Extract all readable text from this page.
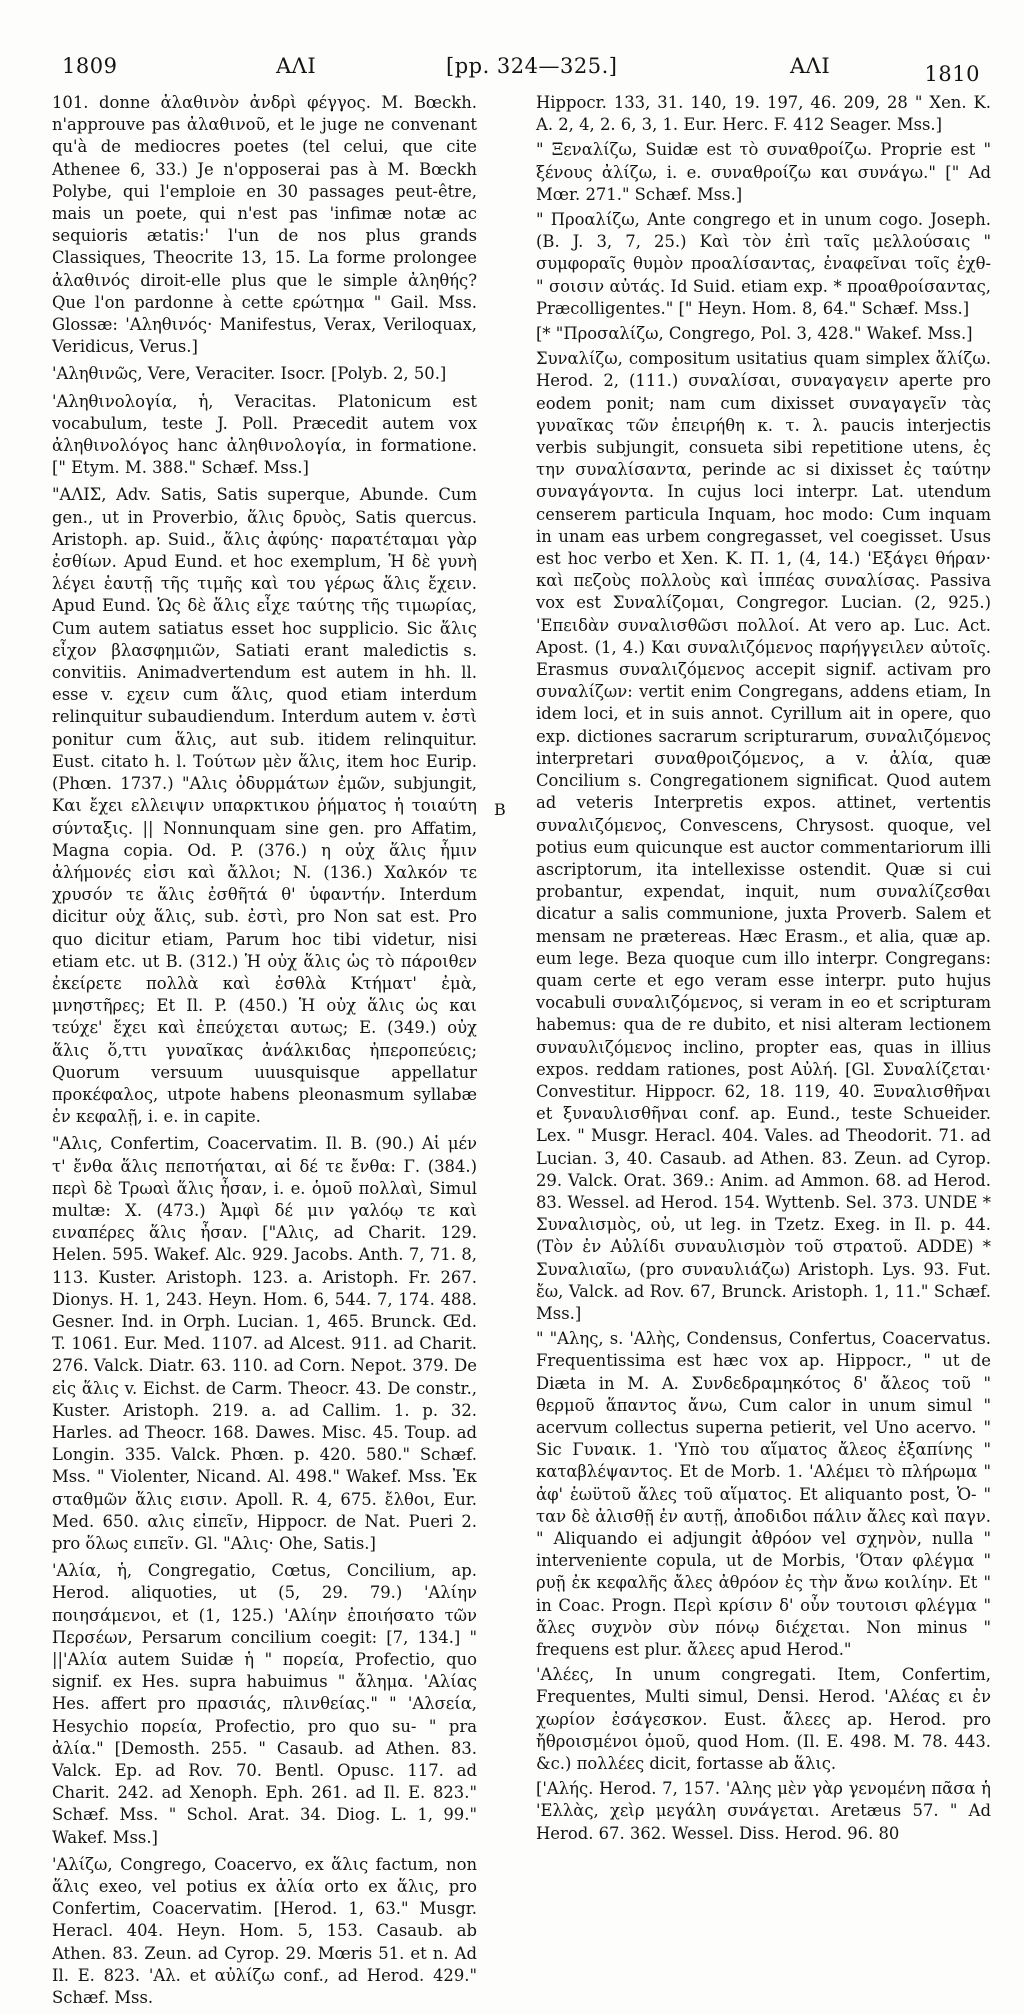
1809	ΑΛΙ	[pp. 324—325.]	ΑΛΙ	1810

101. donne ἀλαθινὸν ἀνδρὶ φέγγος. M. Bœckh. n'approuve pas ἀλαθινοῦ, et le juge ne convenant qu'à de mediocres poetes (tel celui, que cite Athenee 6, 33.) Je n'opposerai pas à M. Bœckh Polybe, qui l'emploie en 30 passages peut-être, mais un poete, qui n'est pas 'infimæ notæ ac sequioris ætatis:' l'un de nos plus grands Classiques, Theocrite 13, 15. La forme prolongee ἀλαθινός diroit-elle plus que le simple ἀληθής? Que l'on pardonne à cette ερώτημα " Gail. Mss. Glossæ: 'Αληθινός· Manifestus, Verax, Veriloquax, Veridicus, Verus.]

'Αληθινῶς, Vere, Veraciter. Isocr. [Polyb. 2, 50.]

'Αληθινολογία, ἡ, Veracitas. Platonicum est vocabulum, teste J. Poll. Præcedit autem vox ἀληθινολόγος hanc ἀληθινολογία, in formatione. [" Etym. M. 388." Schæf. Mss.]

"ΑΛΙΣ, Adv. Satis, Satis superque, Abunde. Cum gen., ut in Proverbio, ἅλις δρυὸς, Satis quercus. Aristoph. ap. Suid., ἅλις ἀφύης· παρατέταμαι γὰρ ἐσθίων. Apud Eund. et hoc exemplum, Ἡ δὲ γυνὴ λέγει ἑαυτῇ τῆς τιμῆς καὶ του γέρως ἅλις ἔχειν. Apud Eund. Ὡς δὲ ἅλις εἶχε ταύτης τῆς τιμωρίας, Cum autem satiatus esset hoc supplicio. Sic ἅλις εἶχον βλασφημιῶν, Satiati erant maledictis s. convitiis. Animadvertendum est autem in hh. ll. esse v. εχειν cum ἅλις, quod etiam interdum relinquitur subaudiendum. Interdum autem v. ἐστὶ ponitur cum ἅλις, aut sub. itidem relinquitur. Eust. citato h. l. Τούτων μὲν ἅλις, item hoc Eurip.(Phœn. 1737.) "Αλις ὀδυρμάτων ἐμῶν, subjungit, Και ἔχει ελλειψιν υπαρκτικου ῥήματος ἡ τοιαύτη σύνταξις. || Nonnunquam sine gen. pro Affatim, Magna copia. Od. P. (376.) η οὐχ ἅλις ἧμιν ἀλήμονές εἰσι καὶ ἄλλοι; N. (136.) Χαλκόν τε χρυσόν τε ἅλις ἐσθῆτά θ' ὑφαντήν. Interdum dicitur οὐχ ἅλις, sub. ἐστὶ, pro Non sat est. Pro quo dicitur etiam, Parum hoc tibi videtur, nisi etiam etc. ut B. (312.) Ἡ οὐχ ἅλις ὡς τὸ πάροιθεν ἐκείρετε πολλὰ καὶ ἐσθλὰ Κτήματ' ἐμὰ, μνηστῆρες; Et Il. P. (450.) Ἡ οὐχ ἅλις ὡς και τεύχε' ἔχει καὶ ἐπεύχεται αυτως; E. (349.) οὐχ ἅλις ὅ,ττι γυναῖκας ἀνάλκιδας ἠπεροπεύεις; Quorum versuum uuusquisque appellatur προκέφαλος, utpote habens pleonasmum syllabæ ἐν κεφαλῇ, i. e. in capite.

"Αλις, Confertim, Coacervatim. Il. B. (90.) Αἱ μέν τ' ἔνθα ἅλις πεποτήαται, αἱ δέ τε ἔνθα: Γ. (384.) περὶ δὲ Τρωαὶ ἅλις ἦσαν, i. e. ὁμοῦ πολλαὶ, Simul multæ: X. (473.) Ἀμφὶ δέ μιν γαλόῳ τε καὶ ειναπέρες ἅλις ἦσαν. ["Αλις, ad Charit. 129. Helen. 595. Wakef. Alc. 929. Jacobs. Anth. 7, 71. 8, 113. Kuster. Aristoph. 123. a. Aristoph. Fr. 267. Dionys. H. 1, 243. Heyn. Hom. 6, 544. 7, 174. 488. Gesner. Ind. in Orph. Lucian. 1, 465. Brunck. Œd. T. 1061. Eur. Med. 1107. ad Alcest. 911. ad Charit. 276. Valck. Diatr. 63. 110. ad Corn. Nepot. 379. De εἰς ἅλις v. Eichst. de Carm. Theocr. 43. De constr., Kuster. Aristoph. 219. a. ad Callim. 1. p. 32. Harles. ad Theocr. 168. Dawes. Misc. 45. Toup. ad Longin. 335. Valck. Phœn. p. 420. 580." Schæf. Mss. " Violenter, Nicand. Al. 498." Wakef. Mss. Ἐκ σταθμῶν ἅλις εισιν. Apoll. R. 4, 675. ἔλθοι, Eur. Med. 650. αλις εἰπεῖν, Hippocr. de Nat. Pueri 2. pro ὅλως ειπεῖν. Gl. "Αλις· Ohe, Satis.]

'Αλία, ἡ, Congregatio, Cœtus, Concilium, ap. Herod. aliquoties, ut (5, 29. 79.) 'Αλίην ποιησάμενοι, et (1, 125.) 'Αλίην ἐποιήσατο τῶν Περσέων, Persarum concilium coegit: [7, 134.] " ||'Αλία autem Suidæ ἡ " πορεία, Profectio, quo signif. ex Hes. supra habuimus " ἄλημα. 'Αλίας Hes. affert pro πρασιάς, πλινθείας." " 'Αλσεία, Hesychio πορεία, Profectio, pro quo su- " pra ἀλία." [Demosth. 255. " Casaub. ad Athen. 83. Valck. Ep. ad Rov. 70. Bentl. Opusc. 117. ad Charit. 242. ad Xenoph. Eph. 261. ad Il. E. 823." Schæf. Mss. " Schol. Arat. 34. Diog. L. 1, 99." Wakef. Mss.]

'Αλίζω, Congrego, Coacervo, ex ἅλις factum, non ἅλις exeo, vel potius ex ἀλία orto ex ἅλις, pro Confertim, Coacervatim. [Herod. 1, 63." Musgr. Heracl. 404. Heyn. Hom. 5, 153. Casaub. ab Athen. 83. Zeun. ad Cyrop. 29. Mœris 51. et n. Ad Il. E. 823. 'Αλ. et αὐλίζω conf., ad Herod. 429." Schæf. Mss.

B

Hippocr. 133, 31. 140, 19. 197, 46. 209, 28 " Xen. K. A. 2, 4, 2. 6, 3, 1. Eur. Herc. F. 412 Seager. Mss.]

" Ξεναλίζω, Suidæ est τὸ συναθροίζω. Proprie est " ξένους ἀλίζω, i. e. συναθροίζω και συνάγω." [" Ad Mœr. 271." Schæf. Mss.]

" Προαλίζω, Ante congrego et in unum cogo. Joseph. (B. J. 3, 7, 25.) Καὶ τὸν ἐπὶ ταῖς μελλούσαις " συμφοραῖς θυμὸν προαλίσαντας, ἐναφεῖναι τοῖς ἐχθ- " σοισιν αὐτάς. Id Suid. etiam exp. * προαθροίσαντας, Præcolligentes." [" Heyn. Hom. 8, 64." Schæf. Mss.]

[* "Προσαλίζω, Congrego, Pol. 3, 428." Wakef. Mss.]

Συναλίζω, compositum usitatius quam simplex ἅλίζω. Herod. 2, (111.) συναλίσαι, συναγαγειν aperte pro eodem ponit; nam cum dixisset συναγαγεῖν τὰς γυναῖκας τῶν ἐπειρήθη κ. τ. λ. paucis interjectis verbis subjungit, consueta sibi repetitione utens, ἐς την συναλίσαντα, perinde ac si dixisset ἐς ταύτην συναγάγοντα. In cujus loci interpr. Lat. utendum censerem particula Inquam, hoc modo: Cum inquam in unam eas urbem congregasset, vel coegisset. Usus est hoc verbo et Xen. K. Π. 1, (4, 14.) 'Εξάγει θήραν· καὶ πεζοὺς πολλοὺς καὶ ἱππέας συναλίσας. Passiva vox est Συναλίζομαι, Congregor. Lucian. (2, 925.) 'Επειδὰν συναλισθῶσι πολλοί. At vero ap. Luc. Act. Apost. (1, 4.) Και συναλιζόμενος παρήγγειλεν αὐτοῖς. Erasmus συναλιζόμενος accepit signif. activam pro συναλίζων: vertit enim Congregans, addens etiam, In idem loci, et in suis annot. Cyrillum ait in opere, quo exp. dictiones sacrarum scripturarum, συναλιζόμενος interpretari συναθροιζόμενος, a v. ἀλία, quæ Concilium s. Congregationem significat. Quod autem ad veteris Interpretis expos. attinet, vertentis συναλιζόμενος, Convescens, Chrysost. quoque, vel potius eum quicunque est auctor commentariorum illi ascriptorum, ita intellexisse ostendit. Quæ si cui probantur, expendat, inquit, num συναλίζεσθαι dicatur a salis communione, juxta Proverb. Salem et mensam ne prætereas. Hæc Erasm., et alia, quæ ap. eum lege. Beza quoque cum illo interpr. Congregans: quam certe et ego veram esse interpr. puto hujus vocabuli συναλιζόμενος, si veram in eo et scripturam habemus: qua de re dubito, et nisi alteram lectionem συναυλιζόμενος inclino, propter eas, quas in illius expos. reddam rationes, post Αὐλή. [Gl. Συναλίζεται· Convestitur. Hippocr. 62, 18. 119, 40. Ξυναλισθῆναι et ξυναυλισθῆναι conf. ap. Eund., teste Schueider. Lex. " Musgr. Heracl. 404. Vales. ad Theodorit. 71. ad Lucian. 3, 40. Casaub. ad Athen. 83. Zeun. ad Cyrop. 29. Valck. Orat. 369.: Anim. ad Ammon. 68. ad Herod. 83. Wessel. ad Herod. 154. Wyttenb. Sel. 373. UNDE * Συναλισμὸς, οὐ, ut leg. in Tzetz. Exeg. in Il. p. 44. (Τὸν ἐν Αὐλίδι συναυλισμὸν τοῦ στρατοῦ. ADDE) * Συναλιαῖω, (pro συναυλιάζω) Aristoph. Lys. 93. Fut. ἔω, Valck. ad Rov. 67, Brunck. Aristoph. 1, 11." Schæf. Mss.]

" "Αλης, s. 'Αλὴς, Condensus, Confertus, Coacervatus. Frequentissima est hæc vox ap. Hippocr., " ut de Diæta in M. A. Συνδεδραμηκότος δ' ἄλεος τοῦ " θερμοῦ ἅπαντος ἄνω, Cum calor in unum simul " acervum collectus superna petierit, vel Uno acervo. " Sic Γυναικ. 1. 'Υπὸ του αἵματος ἄλεος ἐξαπίνης " καταβλέψαντος. Et de Morb. 1. 'Αλέμει τὸ πλήρωμα " ἀφ' ἑωϋτοῦ ἄλες τοῦ αἵματος. Et aliquanto post, Ὁ- " ταν δὲ ἀλισθῇ ἐν αυτῇ, ἀποδιδοι πάλιν ἄλες καὶ παγν. " Aliquando ei adjungit ἀθρόον vel σχηνὸν, nulla " interveniente copula, ut de Morbis, 'Όταν φλέγμα " ρυῇ ἐκ κεφαλῆς ἄλες ἀθρόον ἐς τὴν ἄνω κοιλίην. Et " in Coac. Progn. Περὶ κρίσιν δ' οὖν τουτοισι φλέγμα " ἄλες συχνὸν σὺν πόνῳ διέχεται. Non minus " frequens est plur. ἄλεες apud Herod."

'Αλέες, In unum congregati. Item, Confertim, Frequentes, Multi simul, Densi. Herod. 'Αλέας ει ἐν χωρίον ἐσάγεσκον. Eust. ἄλεες ap. Herod. pro ἤθροισμένοι ὁμοῦ, quod Hom. (Il. E. 498. M. 78. 443. &c.) πολλέες dicit, fortasse ab ἅλις.

['Αλής. Herod. 7, 157. 'Αλης μὲν γὰρ γενομένη πᾶσα ἡ 'Ελλὰς, χεὶρ μεγάλη συνάγεται. Aretæus 57. " Ad Herod. 67. 362. Wessel. Diss. Herod. 96. 80
